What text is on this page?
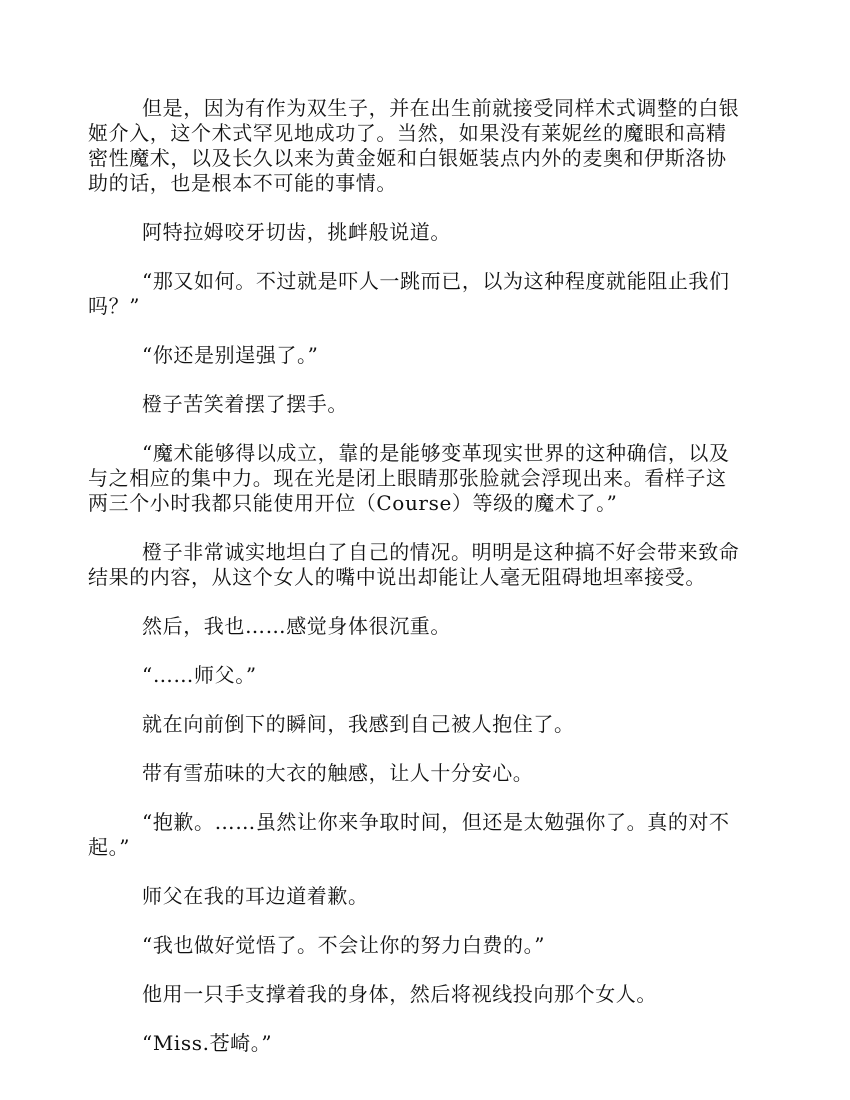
但是，因为有作为双生子，并在出生前就接受同样术式调整的白银姬介入，这个术式罕见地成功了。当然，如果没有莱妮丝的魔眼和高精密性魔术，以及长久以来为黄金姬和白银姬装点内外的麦奥和伊斯洛协助的话，也是根本不可能的事情。

阿特拉姆咬牙切齿，挑衅般说道。

“那又如何。不过就是吓人一跳而已，以为这种程度就能阻止我们吗？”

“你还是别逞强了。”

橙子苦笑着摆了摆手。

“魔术能够得以成立，靠的是能够变革现实世界的这种确信，以及与之相应的集中力。现在光是闭上眼睛那张脸就会浮现出来。看样子这两三个小时我都只能使用开位（Course）等级的魔术了。”

橙子非常诚实地坦白了自己的情况。明明是这种搞不好会带来致命结果的内容，从这个女人的嘴中说出却能让人毫无阻碍地坦率接受。

然后，我也……感觉身体很沉重。

“……师父。”

就在向前倒下的瞬间，我感到自己被人抱住了。

带有雪茄味的大衣的触感，让人十分安心。

“抱歉。……虽然让你来争取时间，但还是太勉强你了。真的对不起。”

师父在我的耳边道着歉。

“我也做好觉悟了。不会让你的努力白费的。”

他用一只手支撑着我的身体，然后将视线投向那个女人。

“Miss.苍崎。”
